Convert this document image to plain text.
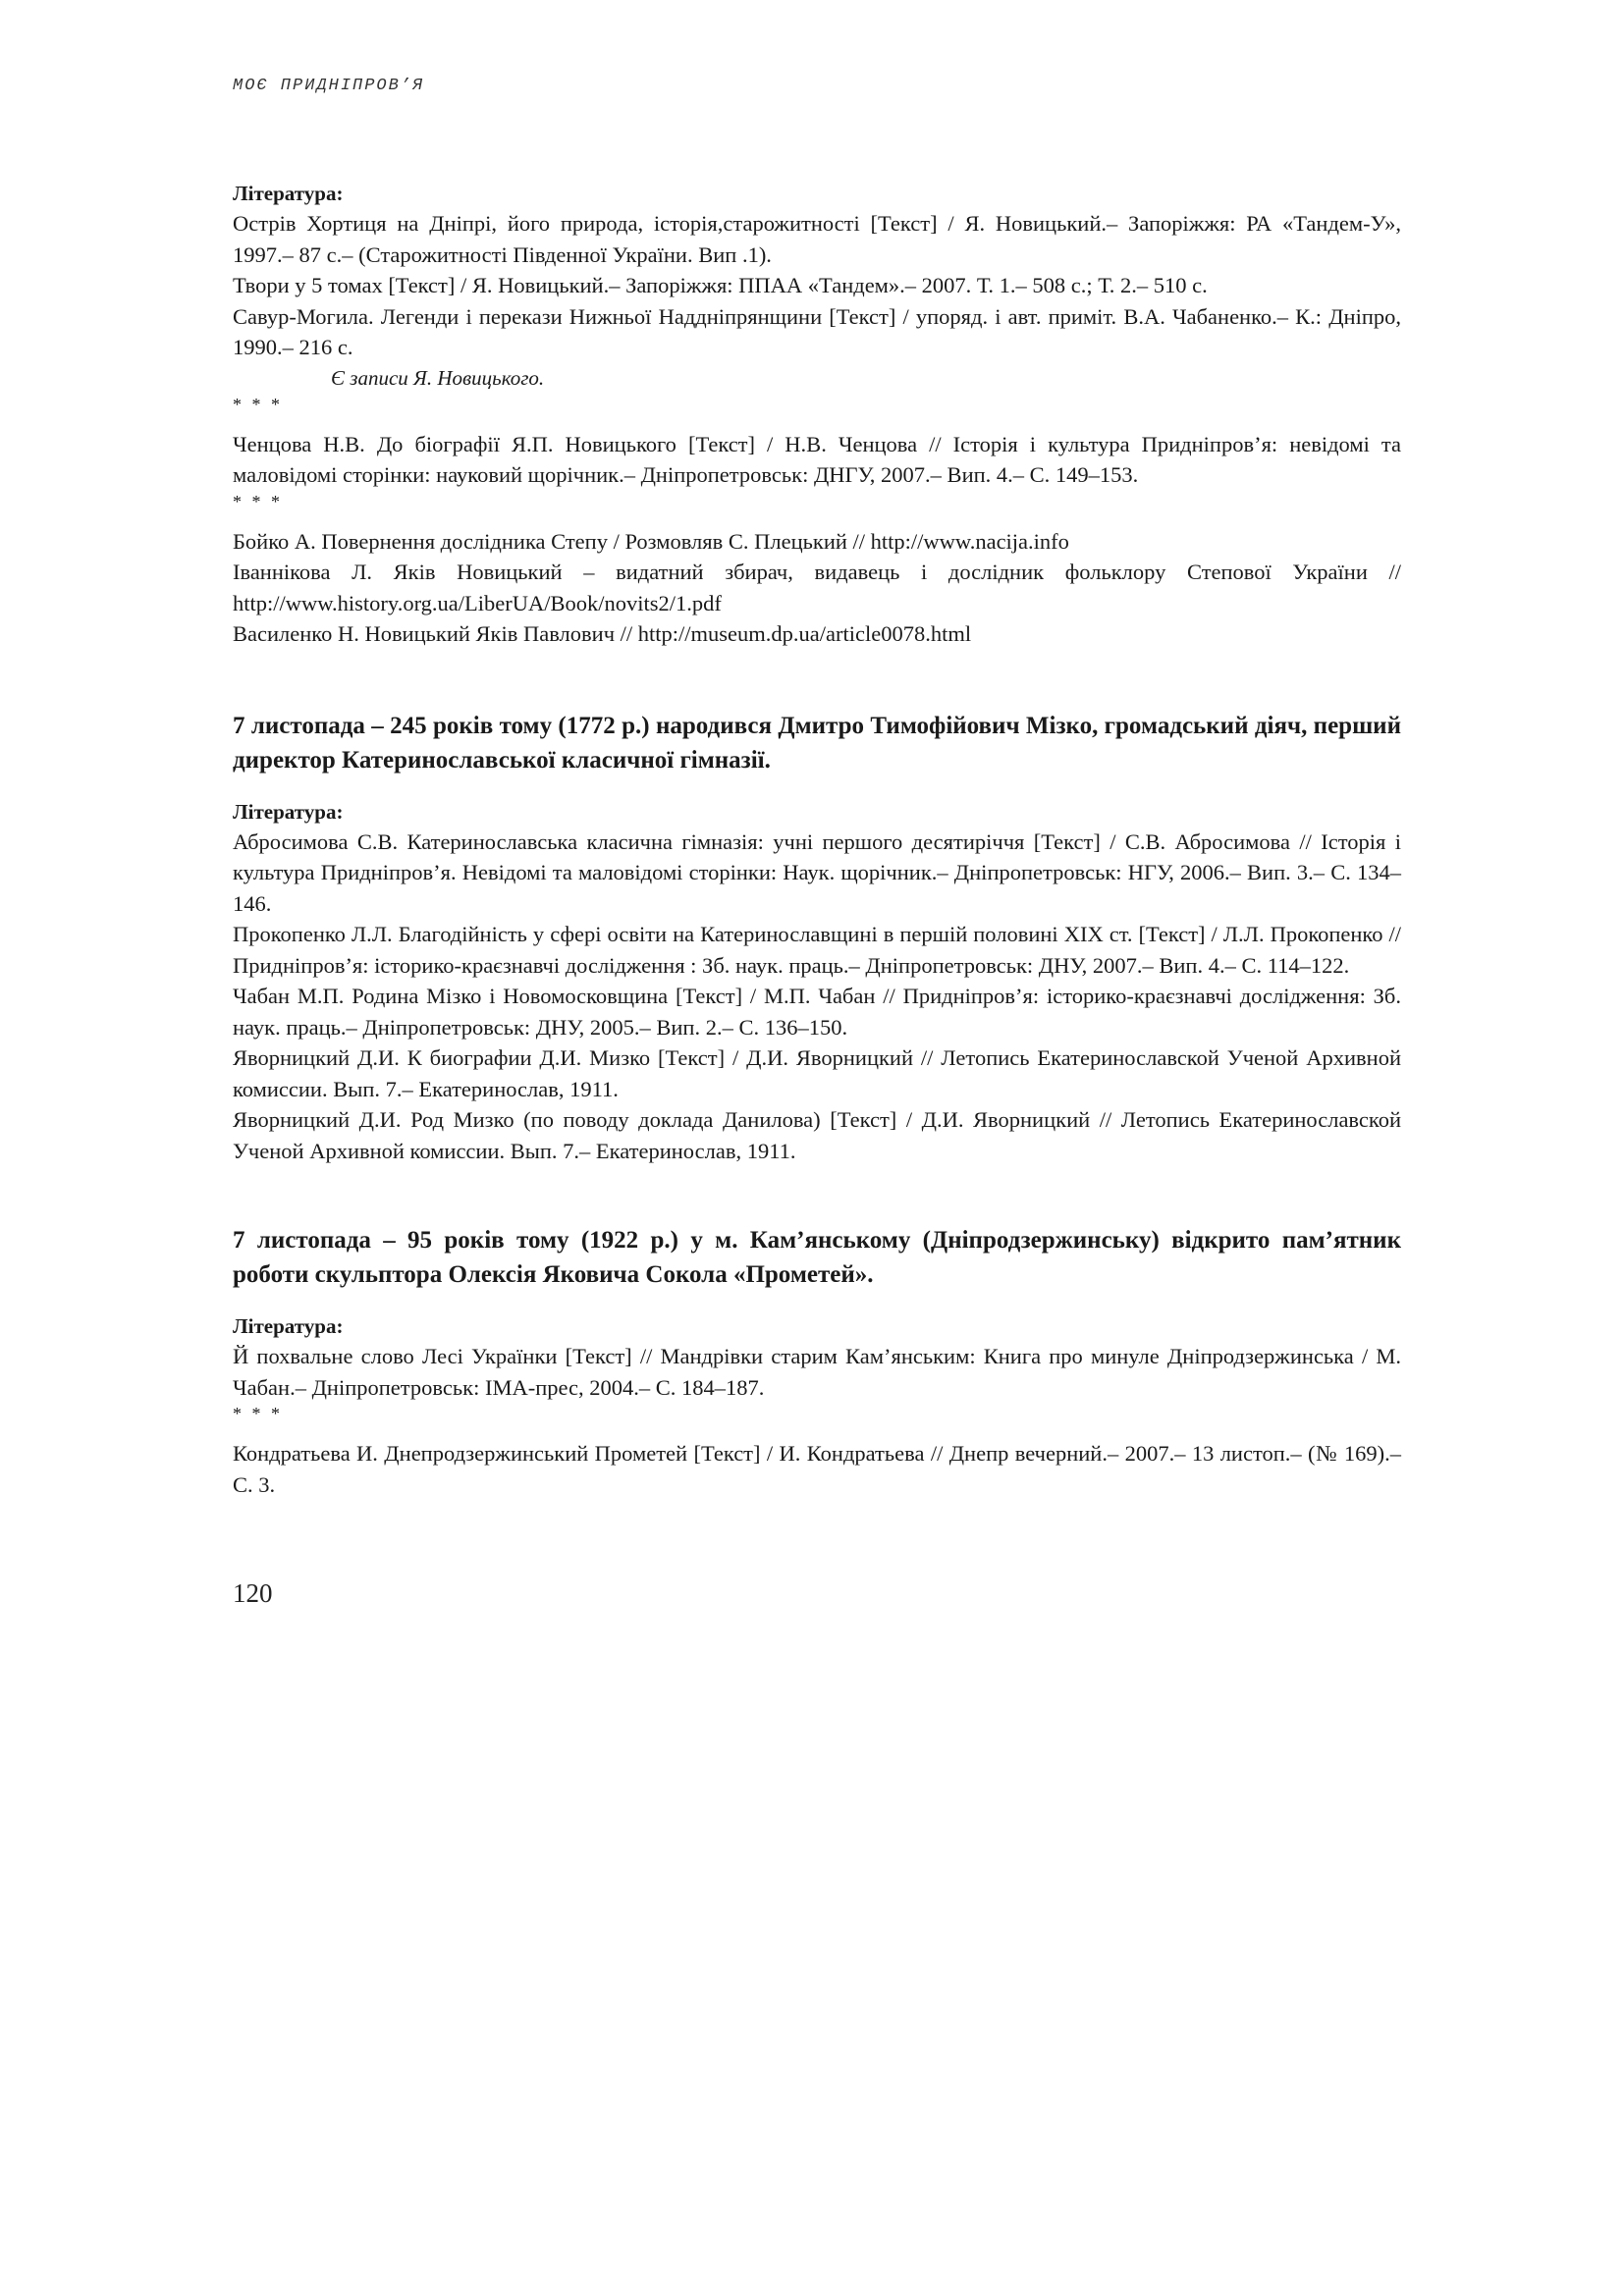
МОЄ ПРИДНІПРОВ’Я

Література:

Острів Хортиця на Дніпрі, його природа, історія,старожитності [Текст] / Я. Новицький.– Запоріжжя: РА «Тандем-У», 1997.– 87 с.– (Старожитності Південної України. Вип .1).

Твори у 5 томах [Текст] / Я. Новицький.– Запоріжжя: ППАА «Тандем».– 2007. Т. 1.– 508 с.; Т. 2.– 510 с.

Савур-Могила. Легенди і перекази Нижньої Наддніпрянщини [Текст] / упоряд. і авт. приміт. В.А. Чабаненко.– К.: Дніпро, 1990.– 216 с.

Є записи Я. Новицького.

* * *

Ченцова Н.В. До біографії Я.П. Новицького [Текст] / Н.В. Ченцова // Історія і культура Придніпров’я: невідомі та маловідомі сторінки: науковий щорічник.– Дніпропетровськ: ДНГУ, 2007.– Вип. 4.– С. 149–153.

* * *

Бойко А. Повернення дослідника Степу / Розмовляв С. Плецький // http://www.nacija.info

Іваннікова Л. Яків Новицький – видатний збирач, видавець і дослідник фольклору Степової України // http://www.history.org.ua/LiberUA/Book/novits2/1.pdf

Василенко Н. Новицький Яків Павлович // http://museum.dp.ua/article0078.html

7 листопада – 245 років тому (1772 р.) народився Дмитро Тимофійович Мізко, громадський діяч, перший директор Катеринославської класичної гімназії.

Література:

Абросимова С.В. Катеринославська класична гімназія: учні першого десятиріччя [Текст] / С.В. Абросимова // Історія і культура Придніпров’я. Невідомі та маловідомі сторінки: Наук. щорічник.– Дніпропетровськ: НГУ, 2006.– Вип. 3.– С. 134–146.

Прокопенко Л.Л. Благодійність у сфері освіти на Катеринославщині в першій половині ХІХ ст. [Текст] / Л.Л. Прокопенко // Придніпров’я: історико-краєзнавчі дослідження : Зб. наук. праць.– Дніпропетровськ: ДНУ, 2007.– Вип. 4.– С. 114–122.

Чабан М.П. Родина Мізко і Новомосковщина [Текст] / М.П. Чабан // Придніпров’я: історико-краєзнавчі дослідження: Зб. наук. праць.– Дніпропетровськ: ДНУ, 2005.– Вип. 2.– С. 136–150.

Яворницкий Д.И. К биографии Д.И. Мизко [Текст] / Д.И. Яворницкий // Летопись Екатеринославской Ученой Архивной комиссии. Вып. 7.– Екатеринослав, 1911.

Яворницкий Д.И. Род Мизко (по поводу доклада Данилова) [Текст] / Д.И. Яворницкий // Летопись Екатеринославской Ученой Архивной комиссии. Вып. 7.– Екатеринослав, 1911.

7 листопада – 95 років тому (1922 р.) у м. Кам’янському (Дніпродзержинську) відкрито пам’ятник роботи скульптора Олексія Яковича Сокола «Прометей».

Література:

Й похвальне слово Лесі Українки [Текст] // Мандрівки старим Кам’янським: Книга про минуле Дніпродзержинська / М. Чабан.– Дніпропетровськ: ІМА-прес, 2004.– С. 184–187.

* * *

Кондратьева И. Днепродзержинський Прометей [Текст] / И. Кондратьева // Днепр вечерний.– 2007.– 13 листоп.– (№ 169).– С. 3.

120
